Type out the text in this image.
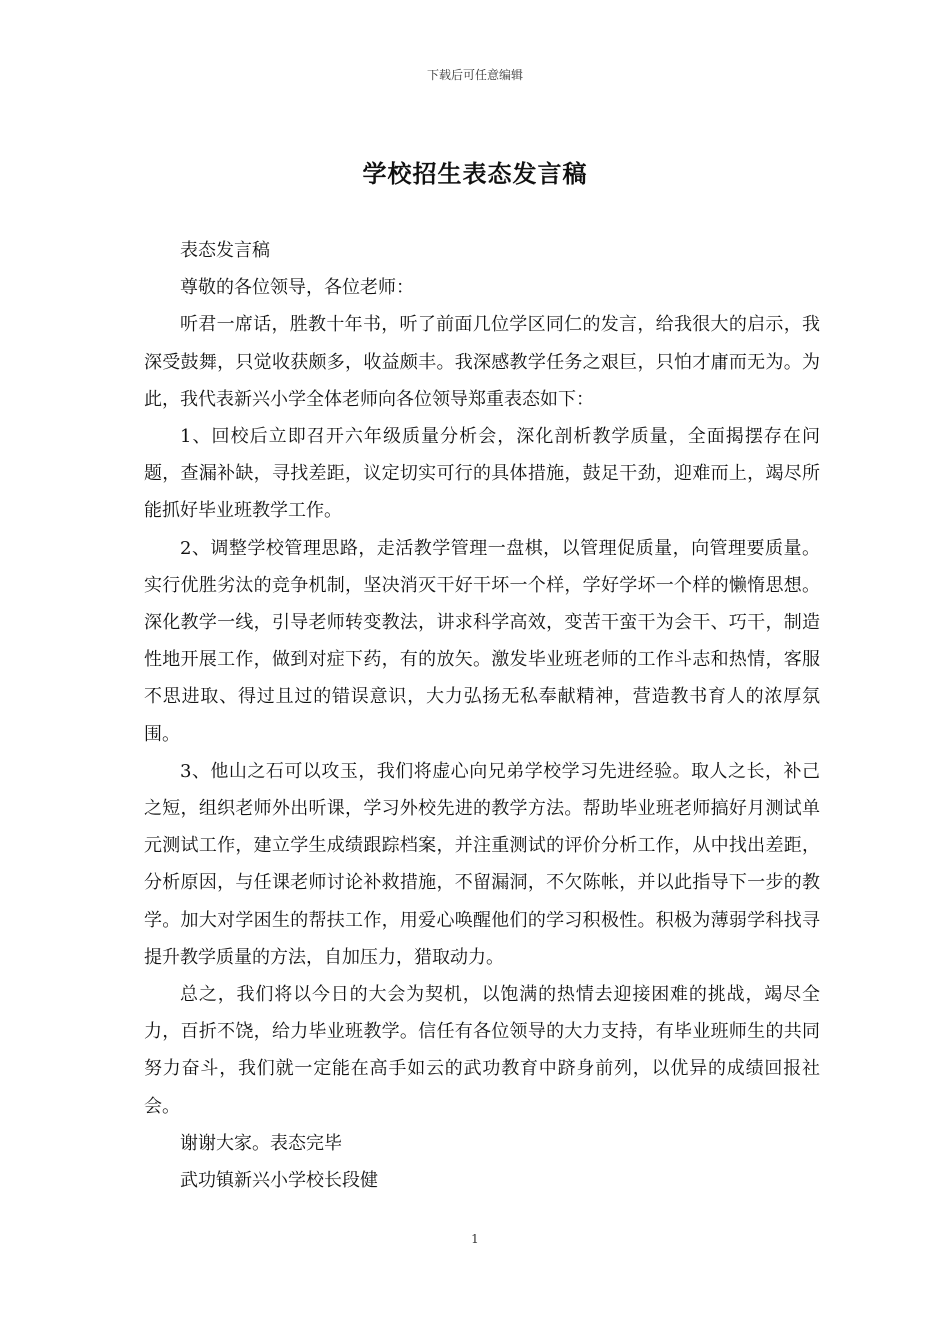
下载后可任意编辑
学校招生表态发言稿

表态发言稿

尊敬的各位领导，各位老师：

听君一席话，胜教十年书，听了前面几位学区同仁的发言，给我很大的启示，我深受鼓舞，只觉收获颇多，收益颇丰。我深感教学任务之艰巨，只怕才庸而无为。为此，我代表新兴小学全体老师向各位领导郑重表态如下：

1、回校后立即召开六年级质量分析会，深化剖析教学质量，全面揭摆存在问题，查漏补缺，寻找差距，议定切实可行的具体措施，鼓足干劲，迎难而上，竭尽所能抓好毕业班教学工作。

2、调整学校管理思路，走活教学管理一盘棋，以管理促质量，向管理要质量。实行优胜劣汰的竞争机制，坚决消灭干好干坏一个样，学好学坏一个样的懒惰思想。深化教学一线，引导老师转变教法，讲求科学高效，变苦干蛮干为会干、巧干，制造性地开展工作，做到对症下药，有的放矢。激发毕业班老师的工作斗志和热情，客服不思进取、得过且过的错误意识，大力弘扬无私奉献精神，营造教书育人的浓厚氛围。

3、他山之石可以攻玉，我们将虚心向兄弟学校学习先进经验。取人之长，补己之短，组织老师外出听课，学习外校先进的教学方法。帮助毕业班老师搞好月测试单元测试工作，建立学生成绩跟踪档案，并注重测试的评价分析工作，从中找出差距，分析原因，与任课老师讨论补救措施，不留漏洞，不欠陈帐，并以此指导下一步的教学。加大对学困生的帮扶工作，用爱心唤醒他们的学习积极性。积极为薄弱学科找寻提升教学质量的方法，自加压力，猎取动力。

总之，我们将以今日的大会为契机，以饱满的热情去迎接困难的挑战，竭尽全力，百折不饶，给力毕业班教学。信任有各位领导的大力支持，有毕业班师生的共同努力奋斗，我们就一定能在高手如云的武功教育中跻身前列，以优异的成绩回报社会。

谢谢大家。表态完毕

武功镇新兴小学校长段健

1
